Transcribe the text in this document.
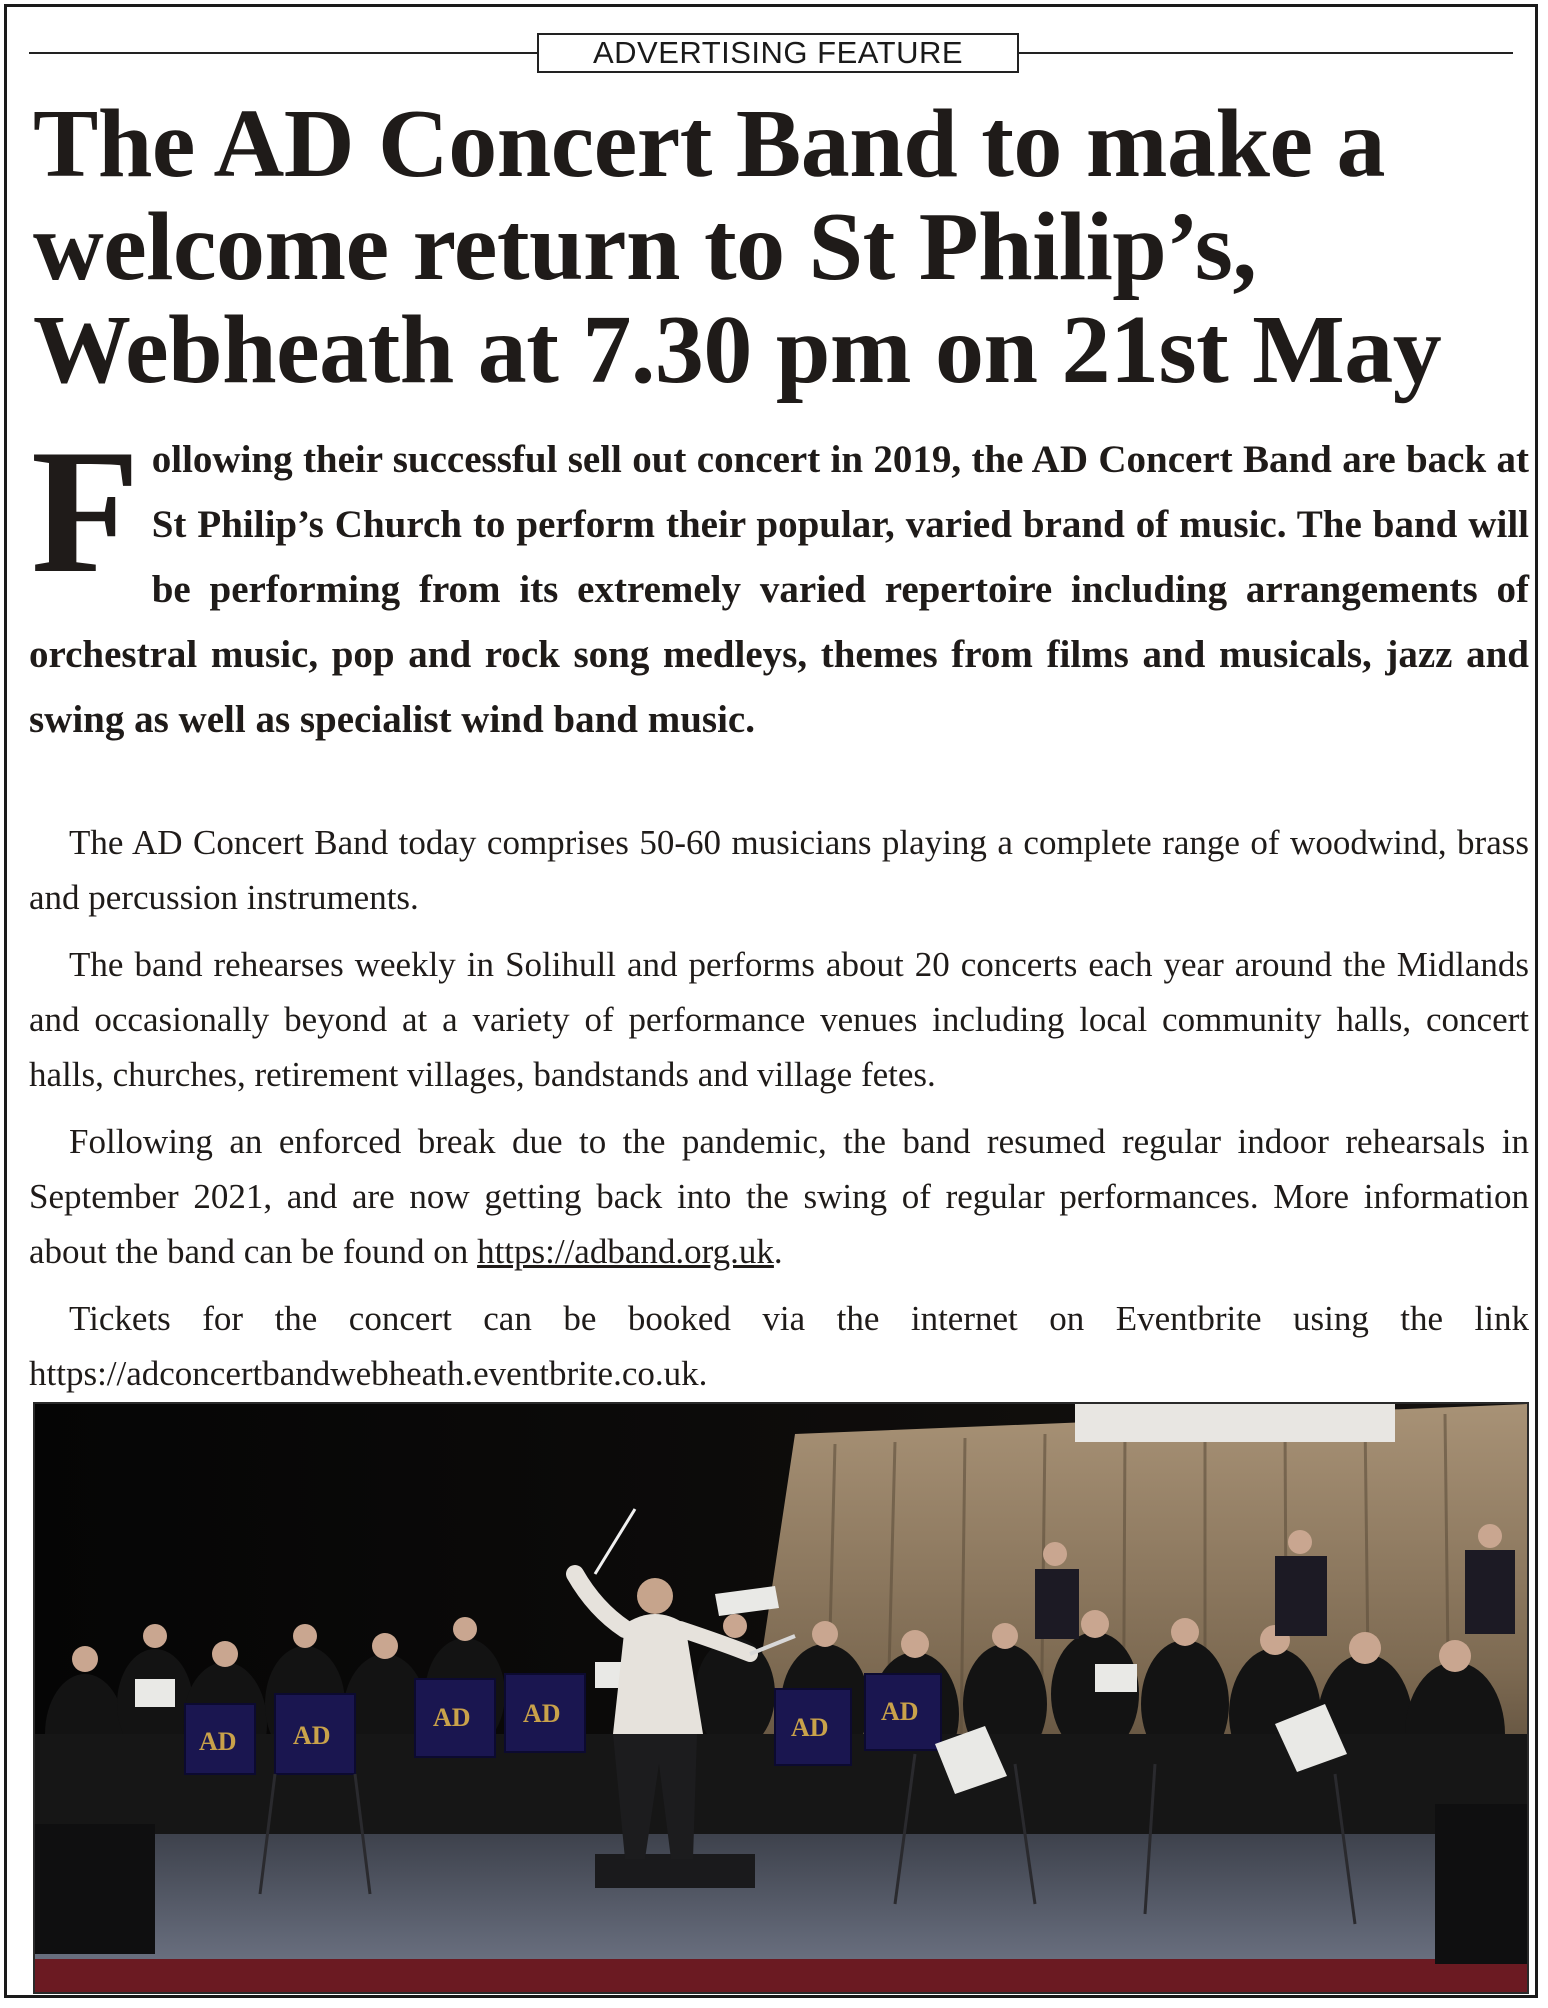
ADVERTISING FEATURE
The AD Concert Band to make a welcome return to St Philip’s, Webheath at 7.30 pm on 21st May

Following their successful sell out concert in 2019, the AD Concert Band are back at St Philip’s Church to perform their popular, varied brand of music. The band will be performing from its extremely varied repertoire including arrangements of orchestral music, pop and rock song medleys, themes from films and musicals, jazz and swing as well as specialist wind band music.

The AD Concert Band today comprises 50-60 musicians playing a complete range of woodwind, brass and percussion instruments.

The band rehearses weekly in Solihull and performs about 20 concerts each year around the Midlands and occasionally beyond at a variety of performance venues including local community halls, concert halls, churches, retirement villages, bandstands and village fetes.

Following an enforced break due to the pandemic, the band resumed regular indoor rehearsals in September 2021, and are now getting back into the swing of regular performances. More information about the band can be found on https://adband.org.uk.

Tickets for the concert can be booked via the internet on Eventbrite using the link https://adconcertbandwebheath.eventbrite.co.uk.

AD AD
AD AD	AD
AD
